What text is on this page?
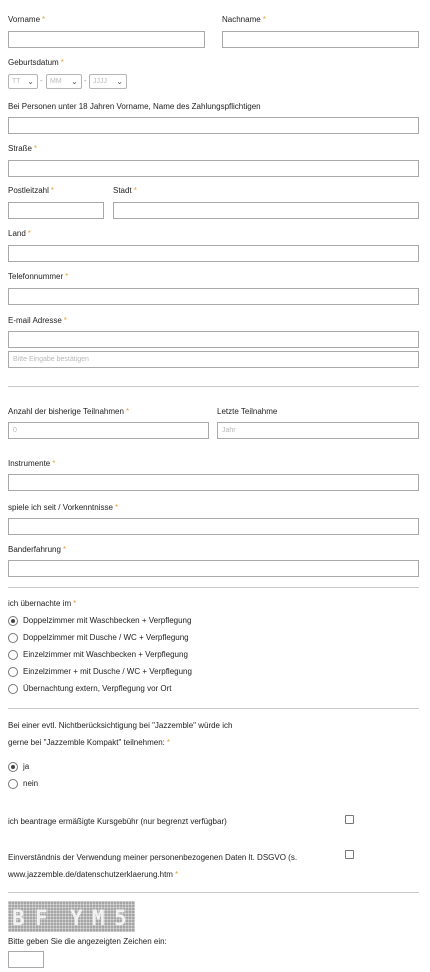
Vorname *	Nachname *
Geburtsdatum *
TT ⌄ -	MM ⌄ - JJJJ ⌄
Bei Personen unter 18 Jahren Vorname, Name des Zahlungspflichtigen
Straße *
Postleitzahl *	Stadt *
Land *
Telefonnummer *
E-mail Adresse *
Bitte Eingabe bestätigen
Anzahl der bisherige Teilnahmen *	Letzte Teilnahme
0	Jahr
Instrumente *
spiele ich seit / Vorkenntnisse *
Banderfahrung *
ich übernachte im *
Doppelzimmer mit Waschbecken + Verpflegung
Doppelzimmer mit Dusche / WC + Verpflegung
Einzelzimmer mit Waschbecken + Verpflegung
Einzelzimmer + mit Dusche / WC + Verpflegung
Übernachtung extern, Verpflegung vor Ort
Bei einer evtl. Nichtberücksichtigung bei "Jazzemble" würde ich
gerne bei "Jazzemble Kompakt" teilnehmen: *
ja
nein
ich beantrage ermäßigte Kursgebühr (nur begrenzt verfügbar)
Einverständnis der Verwendung meiner personenbezogenen Daten lt. DSGVO (s.
www.jazzemble.de/datenschutzerklaerung.htm *
B F Y M 5
Bitte geben Sie die angezeigten Zeichen ein:
